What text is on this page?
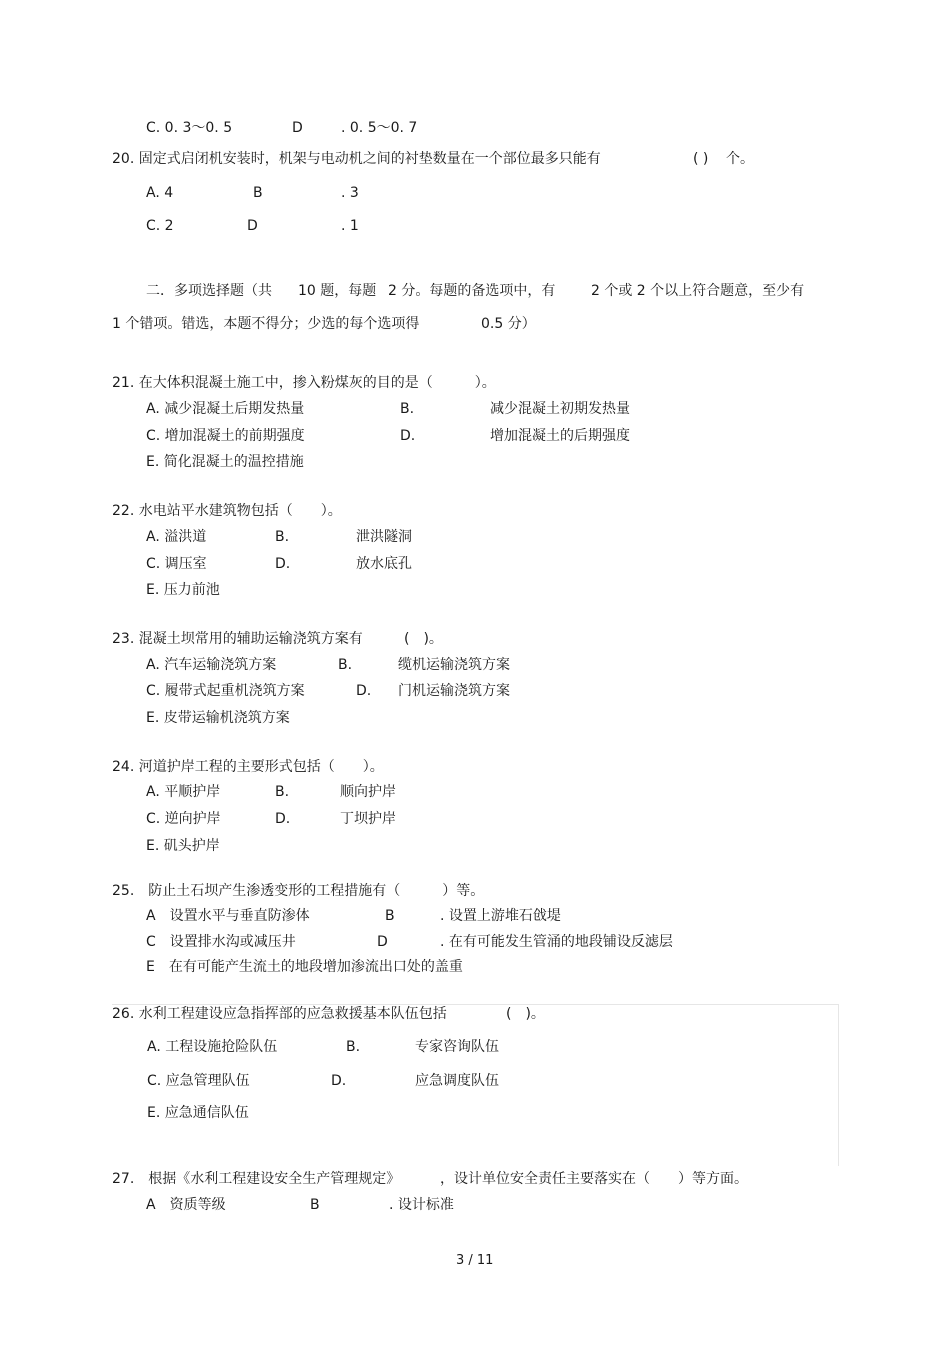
C. 0. 3～0. 5	D	. 0. 5～0. 7
20. 固定式启闭机安装时，机架与电动机之间的衬垫数量在一个部位最多只能有	( ) 个。
A. 4	B	. 3
C. 2	D	. 1
二．多项选择题（共 10 题，每题 2 分。每题的备选项中，有	2 个或 2 个以上符合题意，至少有
1 个错项。错选，本题不得分；少选的每个选项得	0.5 分）
21. 在大体积混凝土施工中，掺入粉煤灰的目的是（　　　）。
A. 减少混凝土后期发热量	B.	减少混凝土初期发热量
C. 增加混凝土的前期强度	D.	增加混凝土的后期强度
E. 简化混凝土的温控措施
22. 水电站平水建筑物包括（　　）。
A. 溢洪道	B.	泄洪隧洞
C. 调压室	D.	放水底孔
E. 压力前池
23. 混凝土坝常用的辅助运输浇筑方案有	(　)。
A. 汽车运输浇筑方案	B.	缆机运输浇筑方案
C. 履带式起重机浇筑方案	D. 门机运输浇筑方案
E. 皮带运输机浇筑方案
24. 河道护岸工程的主要形式包括（　　）。
A. 平顺护岸	B.	顺向护岸
C. 逆向护岸	D.	丁坝护岸
E. 矶头护岸
25.　防止土石坝产生渗透变形的工程措施有（　　　）等。
A　设置水平与垂直防渗体	B	. 设置上游堆石戗堤
C　设置排水沟或减压井	D	. 在有可能发生管涌的地段铺设反滤层
E　在有可能产生流土的地段增加渗流出口处的盖重
26. 水利工程建设应急指挥部的应急救援基本队伍包括	(　)。
A. 工程设施抢险队伍	B.	专家咨询队伍
C. 应急管理队伍	D.	应急调度队伍
E. 应急通信队伍
27.　根据《水利工程建设安全生产管理规定》	，设计单位安全责任主要落实在（　　）等方面。
A　资质等级	B	. 设计标准
3 / 11
